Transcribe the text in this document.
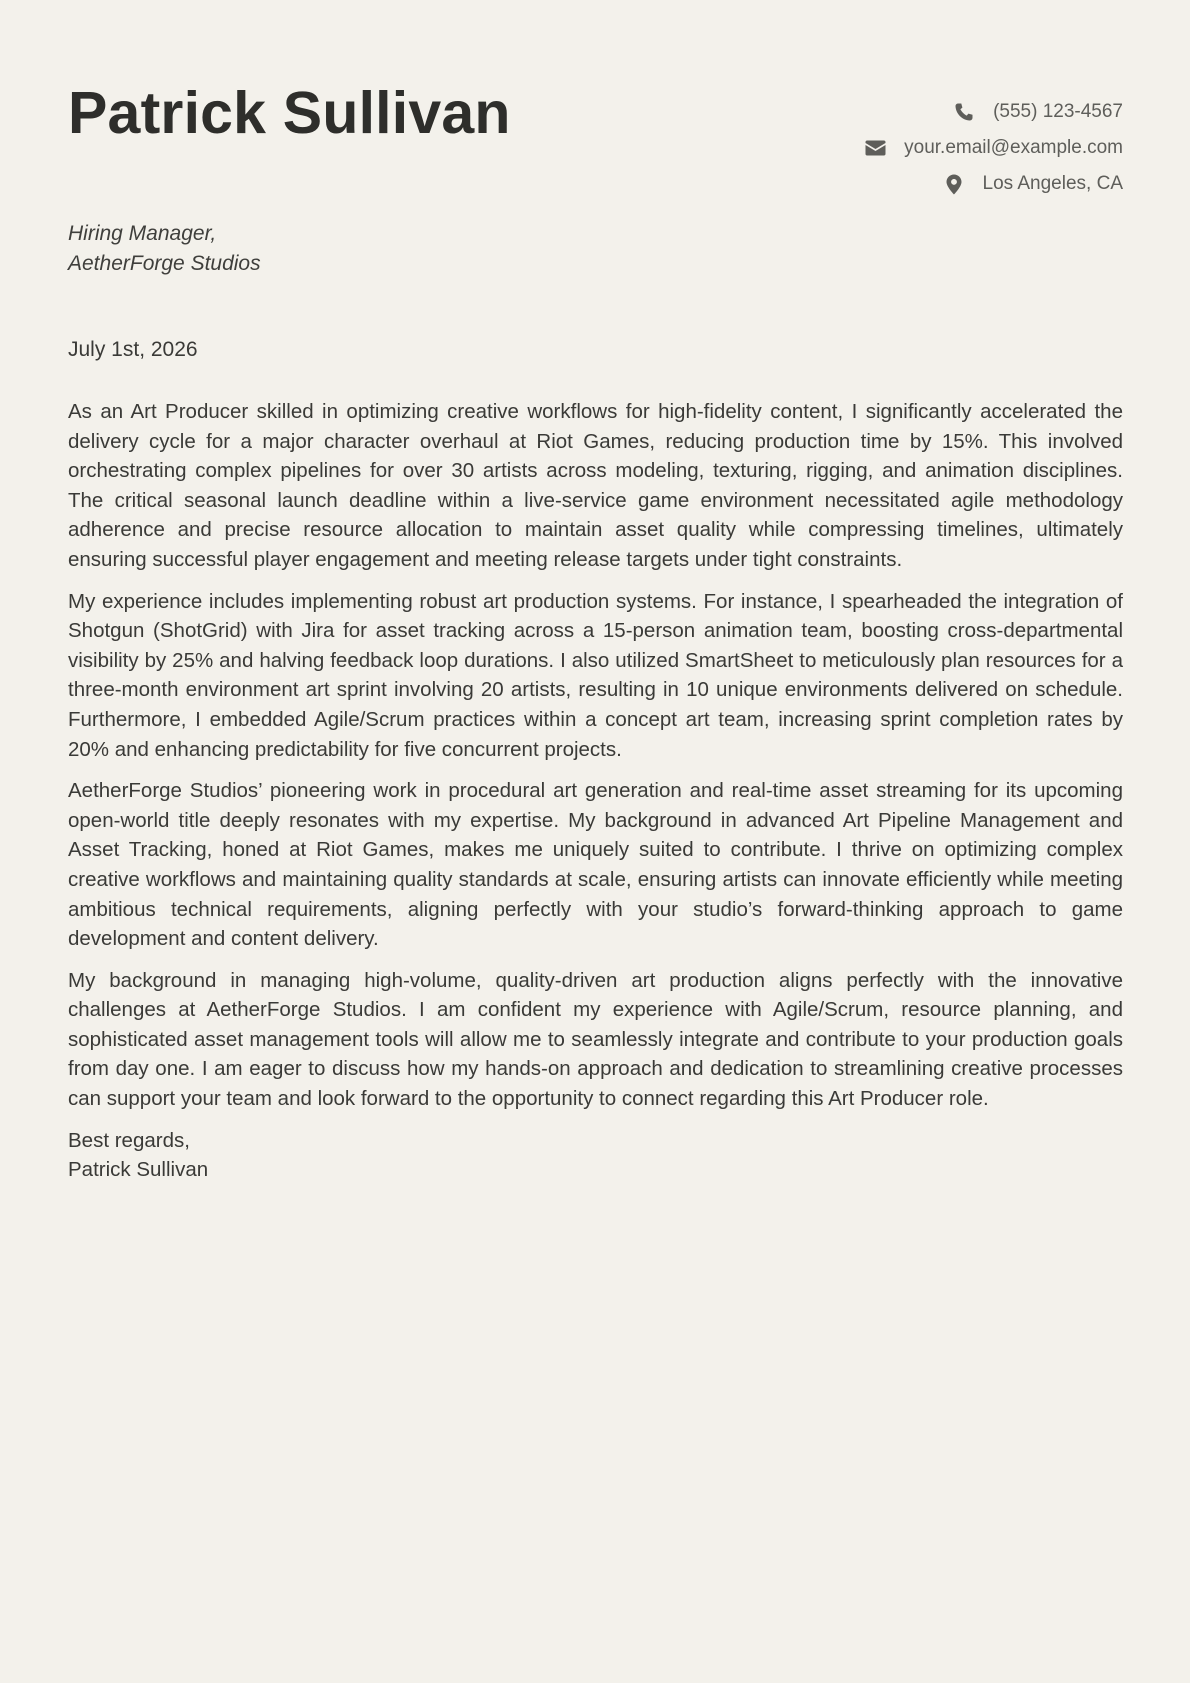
Patrick Sullivan	(555) 123-4567
your.email@example.com
Los Angeles, CA
Hiring Manager,
AetherForge Studios
July 1st, 2026

As an Art Producer skilled in optimizing creative workflows for high-fidelity content, I significantly accelerated the delivery cycle for a major character overhaul at Riot Games, reducing production time by 15%. This involved orchestrating complex pipelines for over 30 artists across modeling, texturing, rigging, and animation disciplines. The critical seasonal launch deadline within a live-service game environment necessitated agile methodology adherence and precise resource allocation to maintain asset quality while compressing timelines, ultimately ensuring successful player engagement and meeting release targets under tight constraints.

My experience includes implementing robust art production systems. For instance, I spearheaded the integration of Shotgun (ShotGrid) with Jira for asset tracking across a 15-person animation team, boosting cross-departmental visibility by 25% and halving feedback loop durations. I also utilized SmartSheet to meticulously plan resources for a three-month environment art sprint involving 20 artists, resulting in 10 unique environments delivered on schedule. Furthermore, I embedded Agile/Scrum practices within a concept art team, increasing sprint completion rates by 20% and enhancing predictability for five concurrent projects.

AetherForge Studios’ pioneering work in procedural art generation and real-time asset streaming for its upcoming open-world title deeply resonates with my expertise. My background in advanced Art Pipeline Management and Asset Tracking, honed at Riot Games, makes me uniquely suited to contribute. I thrive on optimizing complex creative workflows and maintaining quality standards at scale, ensuring artists can innovate efficiently while meeting ambitious technical requirements, aligning perfectly with your studio’s forward-thinking approach to game development and content delivery.

My background in managing high-volume, quality-driven art production aligns perfectly with the innovative challenges at AetherForge Studios. I am confident my experience with Agile/Scrum, resource planning, and sophisticated asset management tools will allow me to seamlessly integrate and contribute to your production goals from day one. I am eager to discuss how my hands-on approach and dedication to streamlining creative processes can support your team and look forward to the opportunity to connect regarding this Art Producer role.

Best regards,
Patrick Sullivan
